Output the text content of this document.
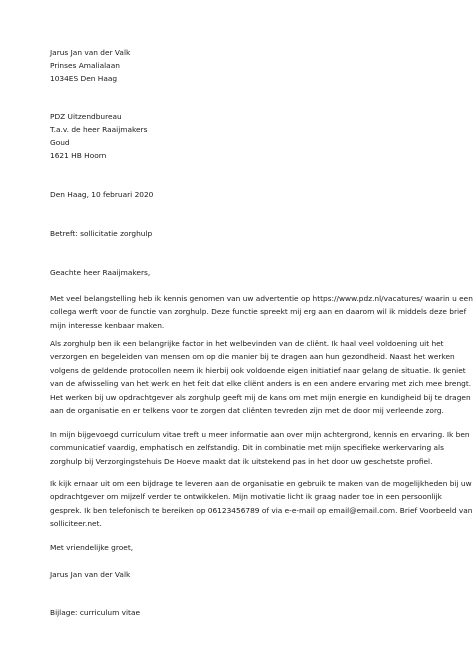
Jarus Jan van der Valk
Prinses Amalialaan
1034ES Den Haag
PDZ Uitzendbureau
T.a.v. de heer Raaijmakers
Goud
1621 HB Hoorn
Den Haag, 10 februari 2020
Betreft: sollicitatie zorghulp
Geachte heer Raaijmakers,
Met veel belangstelling heb ik kennis genomen van uw advertentie op https://www.pdz.nl/vacatures/ waarin u een
collega werft voor de functie van zorghulp. Deze functie spreekt mij erg aan en daarom wil ik middels deze brief
mijn interesse kenbaar maken.
Als zorghulp ben ik een belangrijke factor in het welbevinden van de cliënt. Ik haal veel voldoening uit het
verzorgen en begeleiden van mensen om op die manier bij te dragen aan hun gezondheid. Naast het werken
volgens de geldende protocollen neem ik hierbij ook voldoende eigen initiatief naar gelang de situatie. Ik geniet
van de afwisseling van het werk en het feit dat elke cliënt anders is en een andere ervaring met zich mee brengt.
Het werken bij uw opdrachtgever als zorghulp geeft mij de kans om met mijn energie en kundigheid bij te dragen
aan de organisatie en er telkens voor te zorgen dat cliënten tevreden zijn met de door mij verleende zorg.
In mijn bijgevoegd curriculum vitae treft u meer informatie aan over mijn achtergrond, kennis en ervaring. Ik ben
communicatief vaardig, emphatisch en zelfstandig. Dit in combinatie met mijn specifieke werkervaring als
zorghulp bij Verzorgingstehuis De Hoeve maakt dat ik uitstekend pas in het door uw geschetste profiel.
Ik kijk ernaar uit om een bijdrage te leveren aan de organisatie en gebruik te maken van de mogelijkheden bij uw
opdrachtgever om mijzelf verder te ontwikkelen. Mijn motivatie licht ik graag nader toe in een persoonlijk
gesprek. Ik ben telefonisch te bereiken op 06123456789 of via e-e-mail op email@email.com. Brief Voorbeeld van
solliciteer.net.
Met vriendelijke groet,
Jarus Jan van der Valk
Bijlage: curriculum vitae
